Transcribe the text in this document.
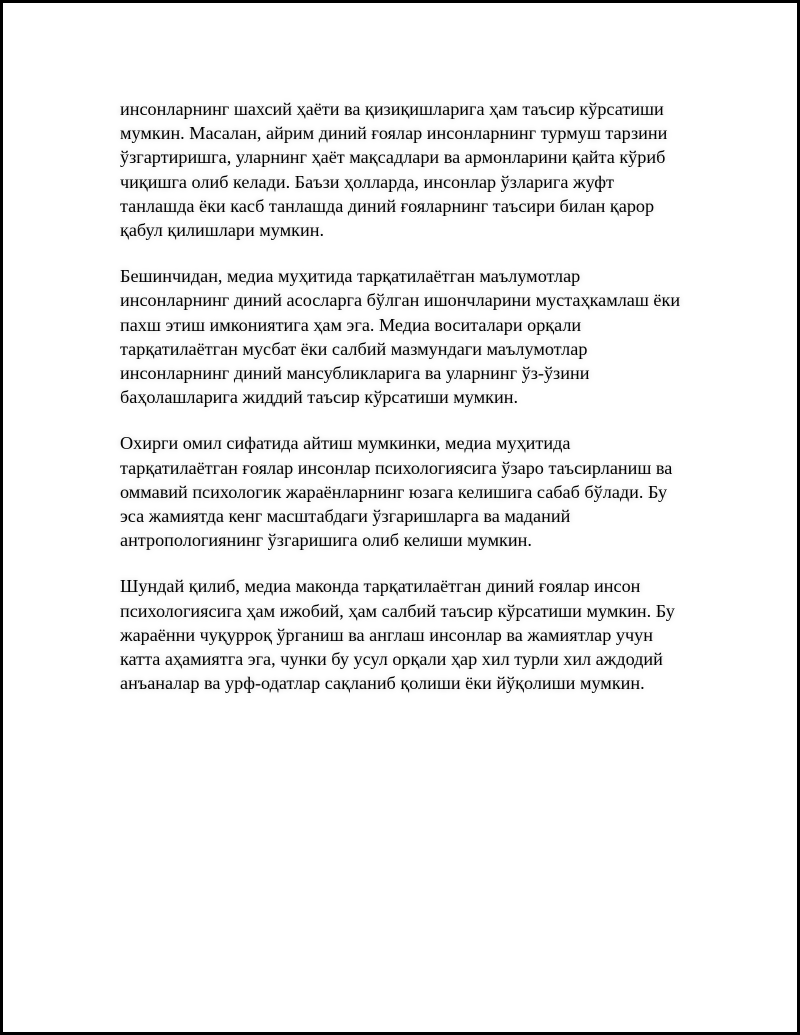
инсонларнинг шахсий ҳаёти ва қизиқишларига ҳам таъсир кўрсатиши
мумкин. Масалан, айрим диний ғоялар инсонларнинг турмуш тарзини
ўзгартиришга, уларнинг ҳаёт мақсадлари ва армонларини қайта кўриб
чиқишга олиб келади. Баъзи ҳолларда, инсонлар ўзларига жуфт
танлашда ёки касб танлашда диний ғояларнинг таъсири билан қарор
қабул қилишлари мумкин.

Бешинчидан, медиа муҳитида тарқатилаётган маълумотлар
инсонларнинг диний асосларга бўлган ишончларини мустаҳкамлаш ёки
пахш этиш имкониятига ҳам эга. Медиа воситалари орқали
тарқатилаётган мусбат ёки салбий мазмундаги маълумотлар
инсонларнинг диний мансубликларига ва уларнинг ўз-ўзини
баҳолашларига жиддий таъсир кўрсатиши мумкин.

Охирги омил сифатида айтиш мумкинки, медиа муҳитида
тарқатилаётган ғоялар инсонлар психологиясига ўзаро таъсирланиш ва
оммавий психологик жараёнларнинг юзага келишига сабаб бўлади. Бу
эса жамиятда кенг масштабдаги ўзгаришларга ва маданий
антропологиянинг ўзгаришига олиб келиши мумкин.

Шундай қилиб, медиа маконда тарқатилаётган диний ғоялар инсон
психологиясига ҳам ижобий, ҳам салбий таъсир кўрсатиши мумкин. Бу
жараённи чуқурроқ ўрганиш ва англаш инсонлар ва жамиятлар учун
катта аҳамиятга эга, чунки бу усул орқали ҳар хил турли хил аждодий
анъаналар ва урф-одатлар сақланиб қолиши ёки йўқолиши мумкин.
